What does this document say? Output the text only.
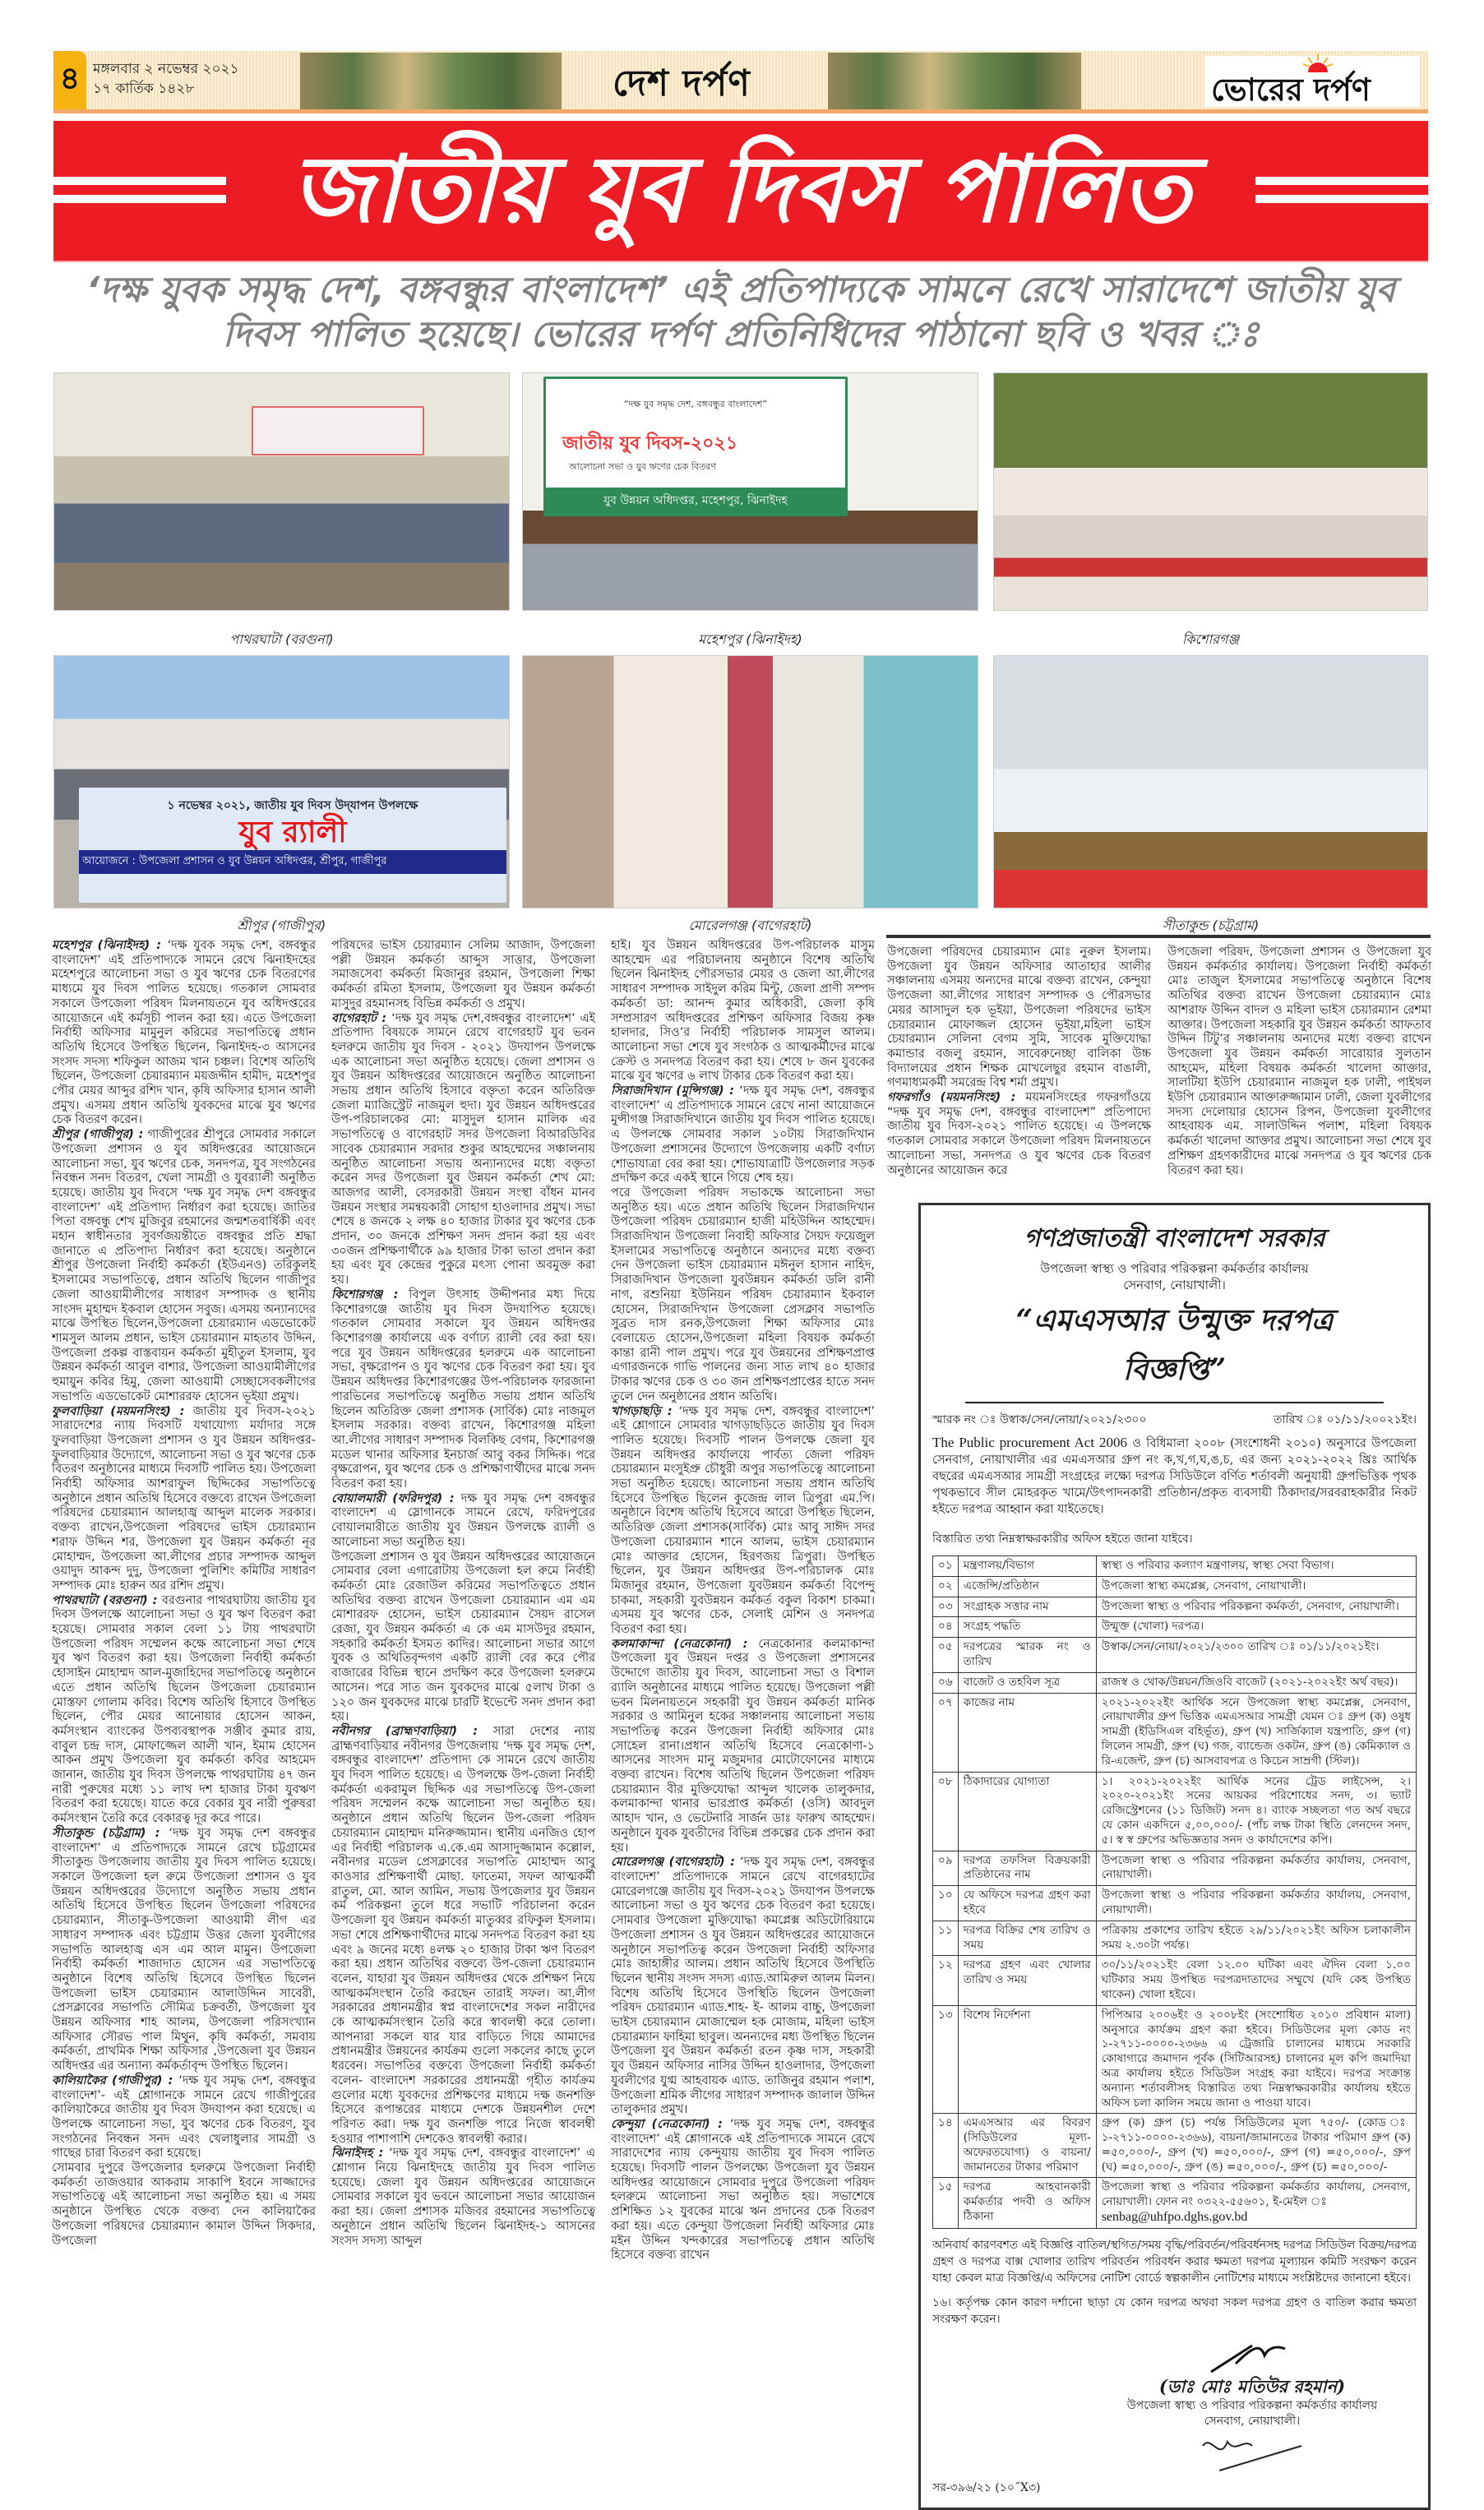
৪ মঙ্গলবার ২ নভেম্বর ২০২১
১৭ কার্তিক ১৪২৮	দেশ দর্পণ	ভোরের দর্পণ
জাতীয় যুব দিবস পালিত
‘দক্ষ যুবক সমৃদ্ধ দেশ, বঙ্গবন্ধুর বাংলাদেশ’ এই প্রতিপাদ্যকে সামনে রেখে সারাদেশে জাতীয় যুব দিবস পালিত হয়েছে। ভোরের দর্পণ প্রতিনিধিদের পাঠানো ছবি ও খবর ঃ
পাথরঘাটা (বরগুনা)
“দক্ষ যুব সমৃদ্ধ দেশ, বঙ্গবন্ধুর বাংলাদেশ”
জাতীয় যুব দিবস-২০২১
আলোচনা সভা ও যুব ঋণের চেক বিতরণ
যুব উন্নয়ন অধিদপ্তর, মহেশপুর, ঝিনাইদহ
মহেশপুর (ঝিনাইদহ)	কিশোরগঞ্জ
১ নভেম্বর ২০২১, জাতীয় যুব দিবস উদ্‌যাপন উপলক্ষে
যুব র‍্যালী
আয়োজনে : উপজেলা প্রশাসন ও যুব উন্নয়ন অধিদপ্তর, শ্রীপুর, গাজীপুর
শ্রীপুর (গাজীপুর)	মোরেলগঞ্জ (বাগেরহাট)	সীতাকুন্ড (চট্টগ্রাম)

মহেশপুর (ঝিনাইদহ) : ‘দক্ষ যুবক সমৃদ্ধ দেশ, বঙ্গবন্ধুর বাংলাদেশ’ এই প্রতিপাদ্যকে সামনে রেখে ঝিনাইদহের মহেশপুরে আলোচনা সভা ও যুব ঋণের চেক বিতরণের মাধ্যমে যুব দিবস পালিত হয়েছে। গতকাল সোমবার সকালে উপজেলা পরিষদ মিলনায়তনে যুব অধিদপ্তরের আয়োজনে এই কর্মসূচী পালন করা হয়। এতে উপজেলা নির্বাহী অফিসার মামুনুল করিমের সভাপতিত্বে প্রধান অতিথি হিসেবে উপস্থিত ছিলেন, ঝিনাইদহ-৩ আসনের সংসদ সদস্য শফিকুল আজম খান চঞ্চল। বিশেষ অতিথি ছিলেন, উপজেলা চেয়ারম্যান ময়জদ্দীন হামীদ, মহেশপুর পৌর মেয়র আব্দুর রশিদ খান, কৃষি অফিসার হাসান আলী প্রমুখ। এসময় প্রধান অতিথি যুবকদের মাঝে যুব ঋণের চেক বিতরণ করেন।

শ্রীপুর (গাজীপুর) : গাজীপুরের শ্রীপুরে সোমবার সকালে উপজেলা প্রশাসন ও যুব অধিদপ্তরের আয়োজনে আলোচনা সভা, যুব ঋণের চেক, সনদপত্র, যুব সংগঠনের নিবন্ধন সনদ বিতরণ, খেলা সামগ্রী ও যুবর‍্যালী অনুষ্ঠিত হয়েছে। জাতীয় যুব দিবসে ‘দক্ষ যুব সমৃদ্ধ দেশ বঙ্গবন্ধুর বাংলাদেশ’ এই প্রতিপাদ্য নির্ধারণ করা হয়েছে। জাতির পিতা বঙ্গবন্ধু শেখ মুজিবুর রহমানের জন্মশতবার্ষিকী এবং মহান স্বাধীনতার সুবর্ণজয়ন্তীতে বঙ্গবন্ধুর প্রতি শ্রদ্ধা জানাতে এ প্রতিপাদ্য নির্ধারণ করা হয়েছে। অনুষ্ঠানে শ্রীপুর উপজেলা নির্বাহী কর্মকর্তা (ইউএনও) তরিকুলই ইসলামের সভাপতিত্বে, প্রধান অতিথি ছিলেন গাজীপুর জেলা আওয়ামীলীগের সাধারণ সম্পাদক ও স্থানীয় সাংসদ মুহাম্মদ ইকবাল হোসেন সবুজ। এসময় অন্যান্যদের মাঝে উপস্থিত ছিলেন,উপজেলা চেয়ারম্যান এডভোকেট শামসুল আলম প্রধান, ভাইস চেয়ারম্যান মাহতাব উদ্দিন, উপজেলা প্রকল্প বাস্তবায়ন কর্মকর্তা মুহীতুল ইসলাম, যুব উন্নয়ন কর্মকর্তা আবুল বাশার, উপজেলা আওয়ামীলীগের হুমায়ুন কবির হিমু, জেলা আওয়ামী সেচ্ছাসেবকলীগের সভাপতি এডভোকেট মোশাররফ হোসেন ভূইয়া প্রমুখ।

ফুলবাড়িয়া (ময়মনসিংহ) : জাতীয় যুব দিবস-২০২১ সারাদেশের ন্যায় দিবসটি যথাযোগ্য মর্যাদার সঙ্গে ফুলবাড়িয়া উপজেলা প্রশাসন ও যুব উন্নয়ন অধিদপ্তর-ফুলবাড়িয়ার উদ্যোগে, আলোচনা সভা ও যুব ঋণের চেক বিতরণ অনুষ্ঠানের মাধ্যমে দিবসটি পালিত হয়। উপজেলা নির্বাহী অফিসার আশরাফুল ছিদ্দিকের সভাপতিত্বে অনুষ্ঠানে প্রধান অতিথি হিসেবে বক্তব্যে রাখেন উপজেলা পরিষদের চেয়ারম্যান আলহাজ্ব আব্দুল মালেক সরকার। বক্তব্য রাখেন,উপজেলা পরিষদের ভাইস চেয়ারম্যান শরাফ উদ্দিন শর, উপজেলা যুব উন্নয়ন কর্মকর্তা নূর মোহাম্মদ, উপজেলা আ.লীগের প্রচার সম্পাদক আব্দুল ওয়াদুদ আকন্দ দুদু, উপজেলা পুলিশিং কমিটির সাধারণ সম্পাদক মোঃ হারুন অর রশিদ প্রমুখ।

পাথরঘাটা (বরগুনা) : বরগুনার পাথরঘাটায় জাতীয় যুব দিবস উপলক্ষে আলোচনা সভা ও যুব ঋণ বিতরণ করা হয়েছে। সোমবার সকাল বেলা ১১ টায় পাথরঘাটা উপজেলা পরিষদ সম্মেলন কক্ষে আলোচনা সভা শেষে যুব ঋণ বিতরণ করা হয়। উপজেলা নির্বাহী কর্মকর্তা হোসাইন মোহাম্মদ আল-মুজাহিদের সভাপতিত্বে অনুষ্ঠানে এতে প্রধান অতিথি ছিলেন উপজেলা চেয়ারম্যান মোস্তফা গোলাম কবির। বিশেষ অতিথি হিসাবে উপস্থিত ছিলেন, পৌর মেয়র আনোয়ার হোসেন আকন, কর্মসংস্থান ব্যাংকের উপব্যবস্থাপক সঞ্জীব কুমার রায়, বাবুল চন্দ্র দাস, মোফাজ্জেল আলী খান, ইমাম হোসেন আকন প্রমুখ উপজেলা যুব কর্মকর্তা কবির আহমেদ জানান, জাতীয় যুব দিবস উপলক্ষে পাথরঘাটায় ৪৭ জন নারী পুরুষের মধ্যে ১১ লাখ দশ হাজার টাকা যুবঋণ বিতরণ করা হয়েছে। যাতে করে বেকার যুব নারী পুরুষরা কর্মসংস্থান তৈরি করে বেকারত্ব দূর করে পারে।

সীতাকুন্ড (চট্টগ্রাম) : ‘দক্ষ যুব সমৃদ্ধ দেশ বঙ্গবন্ধুর বাংলাদেশ’ এ প্রতিপাদ্যকে সামনে রেখে চট্টগ্রামের সীতাকুন্ড উপজেলায় জাতীয় যুব দিবস পালিত হয়েছে। সকালে উপজেলা হল রুমে উপজেলা প্রশাসন ও যুব উন্নয়ন অধিদপ্তরের উদ্যোগে অনুষ্ঠিত সভায় প্রধান অতিথি হিসেবে উপস্থিত ছিলেন উপজেলা পরিষদের চেয়ারম্যান, সীতাকু-উপজেলা আওয়ামী লীগ এর সাধারণ সম্পাদক এবং চট্টগ্রাম উত্তর জেলা যুবলীগের সভাপতি আলহাজ্ব এস এম আল মামুন। উপজেলা নির্বাহী কর্মকর্তা শাজাদাত হোসেন এর সভাপতিত্বে অনুষ্ঠানে বিশেষ অতিথি হিসেবে উপস্থিত ছিলেন উপজেলা ভাইস চেয়ারম্যান আলাউদ্দিন সাবেরী, প্রেসক্লাবের সভাপতি সৌমিত্র চক্রবর্তী, উপজেলা যুব উন্নয়ন অফিসার শাহ আলম, উপজেলা পরিসংখ্যান অফিসার সৌরভ পাল মিথুন, কৃষি কর্মকর্তা, সমবায় কর্মকর্তা, প্রাথমিক শিক্ষা অফিসার ,উপজেলা যুব উন্নয়ন অধিদপ্তর এর অন্যান্য কর্মকর্তাবৃন্দ উপস্থিত ছিলেন।

কালিয়াকৈর (গাজীপুর) : ‘দক্ষ যুব সমৃদ্ধ দেশ, বঙ্গবন্ধুর বাংলাদেশ’- এই শ্লোগানকে সামনে রেখে গাজীপুরের কালিয়াকৈরে জাতীয় যুব দিবস উদযাপন করা হয়েছে। এ উপলক্ষে আলোচনা সভা, যুব ঋণের চেক বিতরণ, যুব সংগঠনের নিবন্ধন সনদ এবং খেলাধুলার সামগ্রী ও গাছের চারা বিতরণ করা হয়েছে।

সোমবার দুপুরে উপজেলার হলরুমে উপজেলা নির্বাহী কর্মকর্তা তাজওয়ার আকরাম সাকাপি ইবনে সাজ্জাদের সভাপতিত্বে এই আলোচনা সভা অনুষ্ঠিত হয়। এ সময় অনুষ্ঠানে উপস্থিত থেকে বক্তব্য দেন কালিয়াকৈর উপজেলা পরিষদের চেয়ারম্যান কামাল উদ্দিন সিকদার, উপজেলা

পরিষদের ভাইস চেয়ারম্যান সেলিম আজাদ, উপজেলা পল্লী উন্নয়ন কর্মকর্তা আব্দুস সাত্তার, উপজেলা সমাজসেবা কর্মকর্তা মিজানুর রহমান, উপজেলা শিক্ষা কর্মকর্তা রমিতা ইসলাম, উপজেলা যুব উন্নয়ন কর্মকর্তা মাসুদুর রহমানসহ বিভিন্ন কর্মকর্তা ও প্রমুখ।

বাগেরহাট : ‘দক্ষ যুব সমৃদ্ধ দেশ,বঙ্গবন্ধুর বাংলাদেশ’ এই প্রতিপাদ্য বিষয়কে সামনে রেখে বাগেরহাট যুব ভবন হলরুমে জাতীয় যুব দিবস - ২০২১ উদযাপন উপলক্ষে এক আলোচনা সভা অনুষ্ঠিত হয়েছে। জেলা প্রশাসন ও যুব উন্নয়ন অধিদপ্তরের আয়োজনে অনুষ্ঠিত আলোচনা সভায় প্রধান অতিথি হিসাবে বক্তৃতা করেন অতিরিক্ত জেলা ম্যাজিস্ট্রেট নাজমুল হুদা। যুব উন্নয়ন অধিদপ্তরের উপ-পরিচালকের মো: মাসুদুল হাসান মালিক এর সভাপতিত্বে ও বাগেরহাট সদর উপজেলা বিআরডিবির সাবেক চেয়ারম্যান সরদার শুকুর আহম্মেদের সঞ্চালনায় অনুষ্ঠিত আলোচনা সভায় অন্যান্যদের মধ্যে বক্তৃতা করেন সদর উপজেলা যুব উন্নয়ন কর্মকর্তা শেখ মো: আজগর আলী, বেসরকারী উন্নয়ন সংস্থা বাঁধন মানব উন্নয়ন সংস্থার সমন্বয়কারী সোহাগ হাওলাদার প্রমুখ। সভা শেষে ৪ জনকে ২ লক্ষ ৪০ হাজার টাকার যুব ঋণের চেক প্রদান, ৩০ জনকে প্রশিক্ষণ সনদ প্রদান করা হয় এবং ৩০জন প্রশিক্ষণার্থীকে ৯৯ হাজার টাকা ভাতা প্রদান করা হয় এবং যুব কেন্দ্রের পুকুরে মৎস্য পোনা অবমুক্ত করা হয়।

কিশোরগঞ্জ : বিপুল উৎসাহ উদ্দীপনার মধ্য দিয়ে কিশোরগঞ্জে জাতীয় যুব দিবস উদযাপিত হয়েছে। গতকাল সোমবার সকালে যুব উন্নয়ন অধিদপ্তর কিশোরগঞ্জ কার্যালয়ে এক বর্ণাঢ্য র‍্যালী বের করা হয়। পরে যুব উন্নয়ন অধিদপ্তরের হলরুমে এক আলোচনা সভা, বৃক্ষরোপন ও যুব ঋণের চেক বিতরণ করা হয়। যুব উন্নয়ন অধিদপ্তর কিশোরগঞ্জের উপ-পরিচালক ফারজানা পারভিনের সভাপতিত্বে অনুষ্ঠিত সভায় প্রধান অতিথি ছিলেন অতিরিক্ত জেলা প্রশাসক (সার্বিক) মোঃ নাজমুল ইসলাম সরকার। বক্তব্য রাখেন, কিশোরগঞ্জ মহিলা আ.লীগের সাধারণ সম্পাদক বিলকিছ বেগম, কিশোরগঞ্জ মডেল থানার অফিসার ইনচার্জ আবু বকর সিদ্দিক। পরে বৃক্ষরোপন, যুব ঋণের চেক ও প্রশিক্ষাণার্থীদের মাঝে সনদ বিতরণ করা হয়।

বোয়ালমারী (ফরিদপুর) : দক্ষ যুব সমৃদ্ধ দেশ বঙ্গবন্ধুর বাংলাদেশ এ স্লোগানকে সামনে রেখে, ফরিদপুরের বোয়ালমারীতে জাতীয় যুব উন্নয়ন উপলক্ষে র‍্যালী ও আলোচনা সভা অনুষ্ঠিত হয়।

উপজেলা প্রশাসন ও যুব উন্নয়ন অধিদপ্তরের আয়োজনে সোমবার বেলা এগারোটায় উপজেলা হল রুমে নির্বাহী কর্মকর্তা মোঃ রেজাউল করিমের সভাপতিত্বতে প্রধান অতিথির বক্তব্য রাখেন উপজেলা চেয়ারম্যান এম এম মোশাররফ হোসেন, ভাইস চেয়ারম্যান সৈয়দ রাসেল রেজা, যুব উন্নয়ন কর্মকর্তা এ কে এম মাসউদুর রহমান, সহকারি কর্মকর্তা ইসমত কাদির। আলোচনা সভার আগে যুবক ও অথিতিবৃন্দগণ একটি র‍্যালী বের করে পৌর বাজারের বিভিন্ন স্থানে প্রদক্ষিণ করে উপজেলা হলরুমে আসেন। পরে সাত জন যুবকদের মাঝে ৫লাখ টাকা ও ১২০ জন যুবকদের মাঝে চারটি ইভেন্টে সনদ প্রদান করা হয়।

নবীনগর (ব্রাহ্মণবাড়িয়া) : সারা দেশের ন্যায় ব্রাহ্মণবাড়িয়ার নবীনগর উপজেলায় ‘দক্ষ যুব সমৃদ্ধ দেশ, বঙ্গবন্ধুর বাংলাদেশ’ প্রতিপাদ্য কে সামনে রেখে জাতীয় যুব দিবস পালিত হয়েছে। এ উপলক্ষে উপ-জেলা নির্বাহী কর্মকর্তা একরামুল ছিদ্দিক এর সভাপতিত্বে উপ-জেলা পরিষদ সম্মেলন কক্ষে আলোচনা সভা অনুষ্ঠিত হয়। অনুষ্ঠানে প্রধান অতিথি ছিলেন উপ-জেলা পরিষদ চেয়ারম্যান মোহাম্মদ মনিরুজ্জামান। স্থানীয় এনজিও হোপ এর নির্বাহী পরিচালক এ.কে.এম আসাদুজ্জামান কল্লোল, নবীনগর মডেল প্রেসক্লাবের সভাপতি মোহাম্মদ আবু কাওসার প্রশিক্ষণার্থী মোছা. ফাতেমা, সফল আত্মকর্মী রাতুল, মো. আল আমিন, সভায় উপজেলার যুব উন্নয়ন কর্ম পরিকল্পনা তুলে ধরে সভাটি পরিচালনা করেন উপজেলা যুব উন্নয়ন কর্মকর্তা মাতুব্বর রফিকুল ইসলাম। সভা শেষে প্রশিক্ষণার্থীদের মাঝে সনদপত্র বিতরণ করা হয় এবং ৯ জনের মধ্যে ৪লক্ষ ২০ হাজার টাকা ঋণ বিতরণ করা হয়। প্রধান অতিথির বক্তব্যে উপ-জেলা চেয়ারম্যান বলেন, যাহারা যুব উন্নয়ন অধিদপ্তর থেকে প্রশিক্ষণ নিয়ে আত্মকর্মসংস্থান তৈরি করছেন তারাই সফল। আ.লীগ সরকারের প্রধানমন্ত্রীর স্বপ্ন বাংলাদেশের সকল নারীদের কে আত্মকর্মসংস্থান তৈরি করে স্বাবলম্বী করে তোলা। আপনারা সকলে যার যার বাড়িতে গিয়ে আমাদের প্রধানমন্ত্রীর উন্নয়নের কার্যক্রম গুলো সকলের কাছে তুলে ধরবেন। সভাপতির বক্তব্যে উপজেলা নির্বাহী কর্মকর্তা বলেন- বাংলাদেশ সরকারের প্রধানমন্ত্রী গৃহীত কার্যক্রম গুলোর মধ্যে যুবকদের প্রশিক্ষণের মাধ্যমে দক্ষ জনশক্তি হিসেবে রূপান্তরের মাধ্যমে দেশকে উন্নয়নশীল দেশে পরিণত করা। দক্ষ যুব জনশক্তি পারে নিজে স্বাবলম্বী হওয়ার পাশাপাশি দেশকেও স্বাবলম্বী করার।

ঝিনাইদহ : ‘দক্ষ যুব সমৃদ্ধ দেশ, বঙ্গবন্ধুর বাংলাদেশ’ এ শ্লোগান নিয়ে ঝিনাইদহে জাতীয় যুব দিবস পালিত হয়েছে। জেলা যুব উন্নয়ন অধিদপ্তরের আয়োজনে সোমবার সকালে যুব ভবনে আলোচনা সভার আয়োজন করা হয়। জেলা প্রশাসক মজিবর রহমানের সভাপতিত্বে অনুষ্ঠানে প্রধান অতিথি ছিলেন ঝিনাইদহ-১ আসনের সংসদ সদস্য আব্দুল

হাই। যুব উন্নয়ন অধিদপ্তরের উপ-পরিচালক মাসুম আহম্মেদ এর পরিচালনায় অনুষ্ঠানে বিশেষ অতিথি ছিলেন ঝিনাইদহ পৌরসভার মেয়র ও জেলা আ.লীগের সাধারণ সম্পাদক সাইদুল করিম মিন্টু, জেলা প্রাণী সম্পদ কর্মকর্তা ডা: আনন্দ কুমার অধিকারী, জেলা কৃষি সম্প্রসারণ অধিদপ্তরের প্রশিক্ষণ অফিসার বিজয় কৃষ্ণ হালদার, সিও’র নির্বাহী পরিচালক সামসুল আলম। আলোচনা সভা শেষে যুব সংগঠক ও আত্মকর্মীদের মাঝে ক্রেস্ট ও সনদপত্র বিতরণ করা হয়। শেষে ৮ জন যুবকের মাঝে যুব ঋণের ৬ লাখ টাকার চেক বিতরণ করা হয়।

সিরাজদিখান (মুন্সিগঞ্জ) : ‘দক্ষ যুব সমৃদ্ধ দেশ, বঙ্গবন্ধুর বাংলাদেশ’ এ প্রতিপাদ্যকে সামনে রেখে নানা আয়োজনে মুন্সীগঞ্জ সিরাজদিখানে জাতীয় যুব দিবস পালিত হয়েছে। এ উপলক্ষে সোমবার সকাল ১০টায় সিরাজদিখান উপজেলা প্রশাসনের উদ্যোগে উপজেলায় একটি বর্ণাঢ্য শোভাযাত্রা বের করা হয়। শোভাযাত্রাটি উপজেলার সড়ক প্রদক্ষিণ করে একই স্থানে গিয়ে শেষ হয়।

পরে উপজেলা পরিষদ সভাকক্ষে আলোচনা সভা অনুষ্ঠিত হয়। এতে প্রধান অতিথি ছিলেন সিরাজদিখান উপজেলা পরিষদ চেয়ারম্যান হাজী মহিউদ্দিন আহম্মেদ। সিরাজদিখান উপজেলা নিবাহী অফিসার সৈয়দ ফয়েজুল ইসলামের সভাপতিত্বে অনুষ্ঠানে অন্যদের মধ্যে বক্তব্য দেন উপজেলা ভাইস চেয়ারম্যান মঈনুল হাসান নাহিদ, সিরাজদিখান উপজেলা যুবউন্নয়ন কর্মকর্তা ডলি রানী নাগ, রশুনিয়া ইউনিয়ন পরিষদ চেয়ারম্যান ইকবাল হোসেন, সিরাজদিখান উপজেলা প্রেসক্লাব সভাপতি সুব্রত দাস রনক,উপজেলা শিক্ষা অফিসার মোঃ বেলায়েত হোসেন,উপজেলা মহিলা বিষয়ক কর্মকর্তা কান্তা রানী পাল প্রমুখ। পরে যুব উন্নয়নের প্রশিক্ষণপ্রাপ্ত এগারজনকে গাভি পালনের জন্য সাত লাখ ৪০ হাজার টাকার ঋণের চেক ও ৩০ জন প্রশিক্ষণপ্রাপ্তের হাতে সনদ তুলে দেন অনুষ্ঠানের প্রধান অতিথি।

খাগড়াছড়ি : ‘দক্ষ যুব সমৃদ্ধ দেশ, বঙ্গবন্ধুর বাংলাদেশ’ এই শ্লোগানে সোমবার খাগড়াছড়িতে জাতীয় যুব দিবস পালিত হয়েছে। দিবসটি পালন উপলক্ষে জেলা যুব উন্নয়ন অধিদপ্তর কার্যালয়ে পার্বত্য জেলা পরিষদ চেয়ারম্যান মংসুইপ্রু চৌধুরী অপুর সভাপতিত্বে আলোচনা সভা অনুষ্ঠিত হয়েছে। আলোচনা সভায় প্রধান অতিথি হিসেবে উপস্থিত ছিলেন কুজেন্দ্র লাল ত্রিপুরা এম.পি। অনুষ্ঠানে বিশেষ অতিথি হিসেবে আরো উপস্থিত ছিলেন, অতিরিক্ত জেলা প্রশাসক(সার্বিক) মোঃ আবু সাঈদ সদর উপজেলা চেয়ারম্যান শানে আলম, ভাইস চেয়ারম্যান মোঃ আক্তার হোসেন, হিরণজয় ত্রিপুরা। উপস্থিত ছিলেন, যুব উন্নয়ন অধিদপ্তর উপ-পরিচালক মোঃ মিজানুর রহমান, উপজেলা যুবউন্নয়ন কর্মকর্তা বিপেন্দু চাকমা, সহকারী যুবউন্নয়ন কর্মকর্ত বকুল বিকাশ চাকমা। এসময় যুব ঋণের চেক, সেলাই মেশিন ও সনদপত্র বিতরণ করা হয়।

কলমাকান্দা (নেত্রকোনা) : নেত্রকোনার কলমাকান্দা উপজেলা যুব উন্নয়ন দপ্তর ও উপজেলা প্রশাসনের উদ্দোগে জাতীয় যুব দিবস, আলোচনা সভা ও বিশাল র‍্যালি অনুষ্ঠানের মাধ্যমে পালিত হয়েছে। উপজেলা পল্লী ভবন মিলনায়তনে সহকারী যুব উন্নয়ন কর্মকর্তা মানিক সরকার ও আমিনুল হকের সঞ্চালনায় আলোচনা সভায় সভাপতিত্ব করেন উপজেলা নির্বাহী অফিসার মোঃ সোহেল রানা।প্রধান অতিথি হিসেবে নেত্রকোণা-১ আসনের সাংসদ মানু মজুমদার মোটোফোনের মাধ্যমে বক্তব্য রাখেন। বিশেষ অতিথি ছিলেন উপজেলা পরিষদ চেয়ারম্যান বীর মুক্তিযোদ্ধা আব্দুল খালেক তালুকদার, কলমাকান্দা থানার ভারপ্রাপ্ত কর্মকর্তা (ওসি) আবদুল আহাদ খান, ও ভেটেনারি সার্জন ডাঃ ফারুখ আহম্মেদ। অনুষ্ঠানে যুবক যুবতীদের বিভিন্ন প্রকল্পের চেক প্রদান করা হয়।

মোরেলগঞ্জ (বাগেরহাট) : ‘দক্ষ যুব সমৃদ্ধ দেশ, বঙ্গবন্ধুর বাংলাদেশ’ প্রতিপাদ্যকে সামনে রেখে বাগেরহাটের মোরেলগঞ্জে জাতীয় যুব দিবস-২০২১ উদযাপন উপলক্ষে আলোচনা সভা ও যুব ঋণের চেক বিতরণ করা হয়েছে। সোমবার উপজেলা মুক্তিযোদ্ধা কমপ্লেক্স অডিটোরিয়ামে উপজেলা প্রশাসন ও যুব উন্নয়ন অধিদপ্তরের আয়োজনে অনুষ্ঠানে সভাপতিত্ব করেন উপজেলা নির্বাহী অফিসার মোঃ জাহাঙ্গীর আলম। প্রধান অতিথি হিসেবে উপস্থিতি ছিলেন স্থানীয় সংসদ সদস্য এ্যাড.আমিরুল আলম মিলন। বিশেষ অতিথি হিসেবে উপস্থিতি ছিলেন উপজেলা পরিষদ চেয়ারম্যান এ্যাড.শাহ- ই- আলম বাচ্চু, উপজেলা ভাইস চেয়ারম্যান মোজাম্মেল হক মোজাম, মহিলা ভাইস চেয়ারম্যান ফাহিমা ছাবুল। অনন্যদের মধ্য উপস্থিত ছিলেন উপজেলা যুব উন্নয়ন কর্মকর্তা রতন কৃষ্ণ দাস, সহকারী যুব উন্নয়ন অফিসার নাসির উদ্দিন হাওলাদার, উপজেলা যুবলীগের যুগ্ম আহবায়ক এ্যাড. তাজিনুর রহমান পলাশ, উপজেলা শ্রমিক লীগের সাধারণ সম্পাদক জালাল উদ্দিন তালুকদার প্রমুখ।

কেন্দুয়া (নেত্রকোনা) : ‘দক্ষ যুব সমৃদ্ধ দেশ, বঙ্গবন্ধুর বাংলাদেশ’ এই শ্লোগানকে এই প্রতিপাদ্যকে সামনে রেখে সারাদেশের ন্যায় কেন্দুয়ায় জাতীয় যুব দিবস পালিত হয়েছে। দিবসটি পালন উপলক্ষ্যে উপজেলা যুব উন্নয়ন অধিদপ্তর আয়োজনে সোমবার দুপুরে উপজেলা পরিষদ হলরুমে আলোচনা সভা অনুষ্ঠিত হয়। সভাশেষে প্রশিক্ষিত ১২ যুবকের মাঝে ঋন প্রদানের চেক বিতরণ করা হয়। এতে কেন্দুয়া উপজেলা নির্বাহী অফিসার মোঃ মইন উদ্দিন খন্দকারের সভাপতিত্বে প্রধান অতিথি হিসেবে বক্তব্য রাখেন

উপজেলা পরিষদের চেয়ারম্যান মোঃ নুরুল ইসলাম। উপজেলা যুব উন্নয়ন অফিসার আতাহার আলীর সঞ্চালনায় এসময় অন্যদের মাঝে বক্তব্য রাখেন, কেন্দুয়া উপজেলা আ.লীগের সাধারণ সম্পাদক ও পৌরসভার মেয়র আসাদুল হক ভূইয়া, উপজেলা পরিষদের ভাইস চেয়ারম্যান মোফাজ্জল হোসেন ভূইয়া,মহিলা ভাইস চেয়ারম্যান সেলিনা বেগম সুমি, সাবেক মুক্তিযোদ্ধা কমান্ডার বজলু রহমান, সাবেরুনেচ্ছা বালিকা উচ্চ বিদ্যালয়ের প্রধান শিক্ষক মোখলেছুর রহমান বাঙালী, গণমাধ্যমকর্মী সমরেন্দ্র বিশ্ব শর্মা প্রমুখ।

গফরগাঁও (ময়মনসিংহ) : ময়মনসিংহের গফরগাঁওয়ে “দক্ষ যুব সমৃদ্ধ দেশ, বঙ্গবন্ধুর বাংলাদেশ” প্রতিপাদ্যে জাতীয় যুব দিবস-২০২১ পালিত হয়েছে। এ উপলক্ষে গতকাল সোমবার সকালে উপজেলা পরিষদ মিলনায়তনে আলোচনা সভা, সনদপত্র ও যুব ঋণের চেক বিতরণ অনুষ্ঠানের আয়োজন করে

উপজেলা পরিষদ, উপজেলা প্রশাসন ও উপজেলা যুব উন্নয়ন কর্মকর্তার কার্যালয়। উপজেলা নির্বাহী কর্মকর্তা মোঃ তাজুল ইসলামের সভাপতিত্বে অনুষ্ঠানে বিশেষ অতিথির বক্তব্য রাখেন উপজেলা চেয়ারম্যান মোঃ আশরাফ উদ্দিন বাদল ও মহিলা ভাইস চেয়ারম্যান রেশমা আক্তার। উপজেলা সহকারি যুব উন্নয়ন কর্মকর্তা আফতাব উদ্দিন টিটু’র সঞ্চালনায় অন্যদের মধ্যে বক্তব্য রাখেন উপজেলা যুব উন্নয়ন কর্মকর্তা সারোয়ার সুলতান আহমেদ, মহিলা বিষয়ক কর্মকর্তা খালেদা আক্তার, সালটিয়া ইউপি চেয়ারম্যান নাজমুল হক ঢালী, পাইথল ইউপি চেয়ারম্যান আক্তারুজ্জামান ঢালী, জেলা যুবলীগের সদস্য দেলোয়ার হোসেন রিপন, উপজেলা যুবলীগের আহবায়ক এম. সালাউদ্দিন পলাশ, মহিলা বিষয়ক কর্মকর্তা খালেদা আক্তার প্রমুখ। আলোচনা সভা শেষে যুব প্রশিক্ষণ গ্রহণকারীদের মাঝে সনদপত্র ও যুব ঋণের চেক বিতরণ করা হয়।

গণপ্রজাতন্ত্রী বাংলাদেশ সরকার
উপজেলা স্বাস্থ্য ও পরিবার পরিকল্পনা কর্মকর্তার কার্যালয়
সেনবাগ, নোয়াখালী।
“এমএসআর উন্মুক্ত দরপত্র বিজ্ঞপ্তি”
স্মারক নং ঃ উস্বাক/সেন/নোয়া/২০২১/২৩০০	তারিখ ঃ ০১/১১/২০০২১ইং।
The Public procurement Act 2006 ও বিধিমালা ২০০৮ (সংশোধনী ২০১০) অনুসারে উপজেলা সেনবাগ, নোয়াখালীর এর এমএসআর গ্রুপ নং ক,খ,গ,ঘ,ঙ,চ, এর জন্য ২০২১-২০২২ খ্রিঃ আর্থিক বছরের এমএসআর সামগ্রী সংগ্রহের লক্ষ্যে দরপত্র সিডিউলে বর্ণিত শর্তাবলী অনুযায়ী গ্রুপভিত্তিক পৃথক পৃথকভাবে সীল মোহরকৃত খামে/উৎপাদনকারী প্রতিষ্ঠান/প্রকৃত ব্যবসায়ী ঠিকাদার/সরবরাহকারীর নিকট হইতে দরপত্র আহ্বান করা যাইতেছে।
বিস্তারিত তথ্য নিম্নস্বাক্ষরকারীর অফিস হইতে জানা যাইবে।
০১	মন্ত্রণালয়/বিভাগ	স্বাস্থ্য ও পরিবার কল্যাণ মন্ত্রণালয়, স্বাস্থ্য সেবা বিভাগ।
০২	এজেন্সি/প্রতিষ্ঠান	উপজেলা স্বাস্থ্য কমপ্লেক্স, সেনবাগ, নোয়াখালী।
০৩	সংগ্রাহক সত্তার নাম	উপজেলা স্বাস্থ্য ও পরিবার পরিকল্পনা কর্মকর্তা, সেনবাগ, নোয়াখালী।
০৪	সংগ্রহ পদ্ধতি	উন্মুক্ত (খোলা) দরপত্র।
০৫	দরপত্রের স্মারক নং ও তারিখ	উস্বাক/সেন/নোয়া/২০২১/২৩০০ তারিখ ঃ ০১/১১/২০২১ইং।
০৬	বাজেট ও তহবিল সূত্র	রাজস্ব ও থোক/উন্নয়ন/জিওবি বাজেট (২০২১-২০২২ইং অর্থ বছর)।
০৭	কাজের নাম	২০২১-২০২২ইং আর্থিক সনে উপজেলা স্বাস্থ্য কমপ্লেক্স, সেনবাগ, নোয়াখালীর গ্রুপ ভিত্তিক এমএসআর সামগ্রী যেমন ঃ গ্রুপ (ক) ওষুধ সামগ্রী (ইডিসিএল বহির্ভূত), গ্রুপ (খ) সার্জিক্যাল যন্ত্রপাতি, গ্রুপ (গ) লিলেন সামগ্রী, গ্রুপ (ঘ) গজ, ব্যান্ডেজ ওকটন, গ্রুপ (ঙ) কেমিক্যাল ও রি-এজেন্ট, গ্রুপ (চ) আসবাবপত্র ও কিচেন সাম্রগী (স্টিল)।
০৮	ঠিকাদারের যোগ্যতা	১। ২০২১-২০২২ইং আর্থিক সনের ট্রেড লাইসেন্স, ২। ২০২০-২০২১ইং সনের আয়কর পরিশোধের সনদ, ৩। ভ্যাট রেজিস্ট্রেশনের (১১ ডিজিট) সনদ ৪। ব্যাংক সচ্ছলতা গত অর্থ বছরে যে কোন একদিনে ৫,০০,০০০/- (পাঁচ লক্ষ টাকা স্থিতি লেনদেন সনদ, ৫। স্ব স্ব গ্রুপের অভিজ্ঞতার সনদ ও কার্যাদেশের কপি।
০৯	দরপত্র তফসিল বিক্রয়কারী প্রতিষ্ঠানের নাম	উপজেলা স্বাস্থ্য ও পরিবার পরিকল্পনা কর্মকর্তার কার্যালয়, সেনবাগ, নোয়াখালী।
১০	যে অফিসে দরপত্র গ্রহণ করা হইবে	উপজেলা স্বাস্থ্য ও পরিবার পরিকল্পনা কর্মকর্তার কার্যালয়, সেনবাগ, নোয়াখালী।
১১	দরপত্র বিক্রির শেষ তারিখ ও সময়	পত্রিকায় প্রকাশের তারিখ হইতে ২৯/১১/২০২১ইং অফিস চলাকালীন সময় ২.৩০টা পর্যন্ত।
১২	দরপত্র গ্রহণ এবং খোলার তারিখ ও সময়	৩০/১১/২০২১ইং বেলা ১২.০০ ঘটিকা এবং ঐদিন বেলা ১.০০ ঘটিকার সময় উপস্থিত দরপত্রদাতাদের সম্মুখে (যদি কেহ উপস্থিত থাকেন) খোলা হইবে।
১৩	বিশেষ নির্দেশনা	পিপিআর ২০০৬ইং ও ২০০৮ইং (সংশোধিত ২০১০ প্রবিধান মালা) অনুসারে কার্যক্রম গ্রহণ করা হইবে। সিডিউলের মূল্য কোড নং ১-২৭১১-০০০০-২৩৬৬ এ ট্রেজারি চালানের মাধ্যমে সরকারি কোষাগারে জমাদান পূর্বক (সিটিআরসহ) চালানের মূল কপি জমাদিয়া অত্র কার্যালয় হইতে সিডিউল সংগ্রহ করা যাইবে। দরপত্র সংক্রান্ত অন্যান্য শর্তাবলীসহ বিস্তারিত তথ্য নিম্নস্বাক্ষরকারীর কার্যালয় হইতে অফিস চলা কালিন সময়ে জানা ও পাওয়া যাবে।
১৪	এমএসআর এর বিবরণ (সিডিউলের মূল্য-অফেরতযোগ্য) ও বায়না/জামানতের টাকার পরিমাণ	গ্রুপ (ক) গ্রুপ (চ) পর্যন্ত সিডিউলের মূল্য ৭৫০/- (কোড ঃ ১-২৭১১-০০০০-২৩৬৬), বায়না/জামানতের টাকার পরিমাণ গ্রুপ (ক) =৫০,০০০/-, গ্রুপ (খ) =৫০,০০০/-, গ্রুপ (গ) =৫০,০০০/-, গ্রুপ (ঘ) =৫০,০০০/-, গ্রুপ (ঙ) =৫০,০০০/-, গ্রুপ (চ) =৫০,০০০/-
১৫	দরপত্র আহবানকারী কর্মকর্তার পদবী ও অফিস ঠিকানা	উপজেলা স্বাস্থ্য ও পরিবার পরিকল্পনা কর্মকর্তার কার্যালয়, সেনবাগ, নোয়াখালী। ফোন নং ০৩২২-৫৫৬০১, ই-মেইল ঃ
senbag@uhfpo.dghs.gov.bd
অনিবার্য কারণবশত এই বিজ্ঞপ্তি বাতিল/স্থগিত/সময় বৃদ্ধি/পরিবর্তন/পরিবর্ধনসহ দরপত্র সিডিউল বিক্রয়/দরপত্র গ্রহণ ও দরপত্র বাক্স খোলার তারিখ পরিবর্তন পরিবর্ধন করার ক্ষমতা দরপত্র মূল্যায়ন কমিটি সংরক্ষণ করেন যাহা কেবল মাত্র বিজ্ঞপ্তি/এ অফিসের নোটিশ বোর্ডে স্বল্পকালীন নোটিশের মাধ্যমে সংশ্লিষ্টদের জানানো হইবে।
১৬। কর্তৃপক্ষ কোন কারণ দর্শানো ছাড়া যে কোন দরপত্র অথবা সকল দরপত্র গ্রহণ ও বাতিল করার ক্ষমতা সংরক্ষণ করেন।
(ডাঃ মোঃ মতিউর রহমান)
উপজেলা স্বাস্থ্য ও পরিবার পরিকল্পনা কর্মকর্তার কার্যালয়
সেনবাগ, নোয়াখালী।
সর-৩৯৬/২১ (১০˝X৩)
